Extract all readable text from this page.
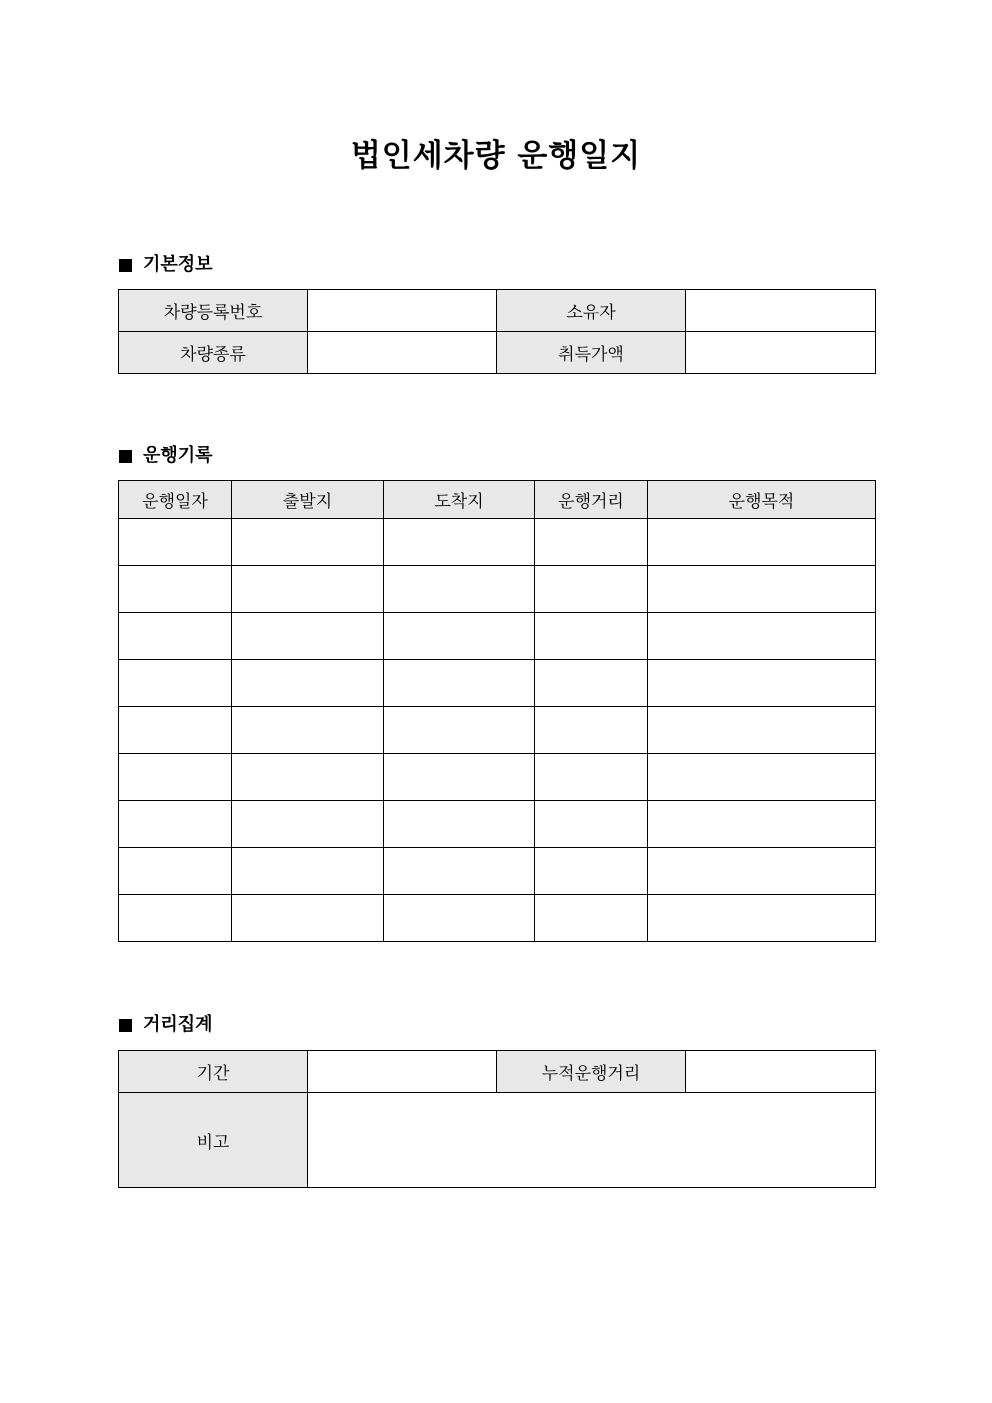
법인세차량 운행일지
기본정보
차량등록번호		소유자	
차량종류		취득가액	
운행기록
운행일자	출발지	도착지	운행거리	운행목적

거리집계
기간		누적운행거리	
비고			
